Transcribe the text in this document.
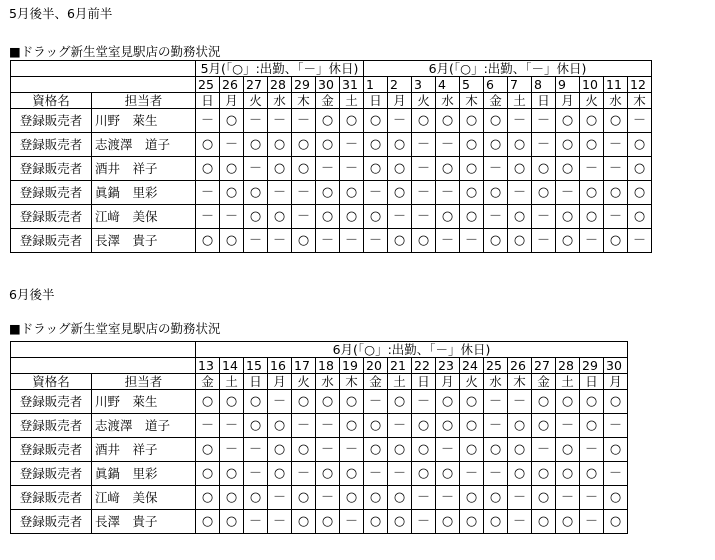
5月後半、6月前半
■ドラッグ新生堂室見駅店の勤務状況
		5月(「○」:出勤、「－」休日)							6月(「○」:出勤、「－」休日)											
		25	26	27	28	29	30	31	1	2	3	4	5	6	7	8	9	10	11	12
資格名	担当者	日	月	火	水	木	金	土	日	月	火	水	木	金	土	日	月	火	水	木
登録販売者	川野　萊生	－	○	－	－	－	○	○	○	－	○	○	○	○	－	－	○	○	○	－
登録販売者	志渡澤　道子	○	－	○	○	○	○	－	○	○	－	－	○	○	○	－	○	○	－	○
登録販売者	酒井　祥子	○	○	－	○	○	－	－	○	○	－	○	○	－	○	○	○	－	－	○
登録販売者	眞鍋　里彩	－	○	○	－	－	○	○	－	○	－	－	○	○	－	○	－	○	○	○
登録販売者	江﨑　美保	－	－	○	○	－	○	○	○	－	－	○	○	－	○	－	○	○	－	○
登録販売者	長澤　貴子	○	○	－	－	○	－	－	－	○	○	－	－	○	○	－	○	－	○	－
6月後半
■ドラッグ新生堂室見駅店の勤務状況
		6月(「○」:出勤、「－」休日)																	
		13	14	15	16	17	18	19	20	21	22	23	24	25	26	27	28	29	30
資格名	担当者	金	土	日	月	火	水	木	金	土	日	月	火	水	木	金	土	日	月
登録販売者	川野　萊生	○	○	○	－	○	○	○	－	○	－	○	○	－	－	○	○	○	○
登録販売者	志渡澤　道子	－	－	○	○	－	－	○	○	－	○	○	○	－	○	○	－	○	－
登録販売者	酒井　祥子	○	－	－	○	○	－	－	○	○	○	－	○	○	○	－	○	－	○
登録販売者	眞鍋　里彩	○	○	－	○	－	○	○	－	－	○	○	－	－	○	○	○	○	－
登録販売者	江﨑　美保	○	○	○	－	○	－	○	○	○	－	－	○	○	－	○	－	－	○
登録販売者	長澤　貴子	○	○	－	－	○	○	－	○	○	－	○	○	○	－	○	○	－	○
